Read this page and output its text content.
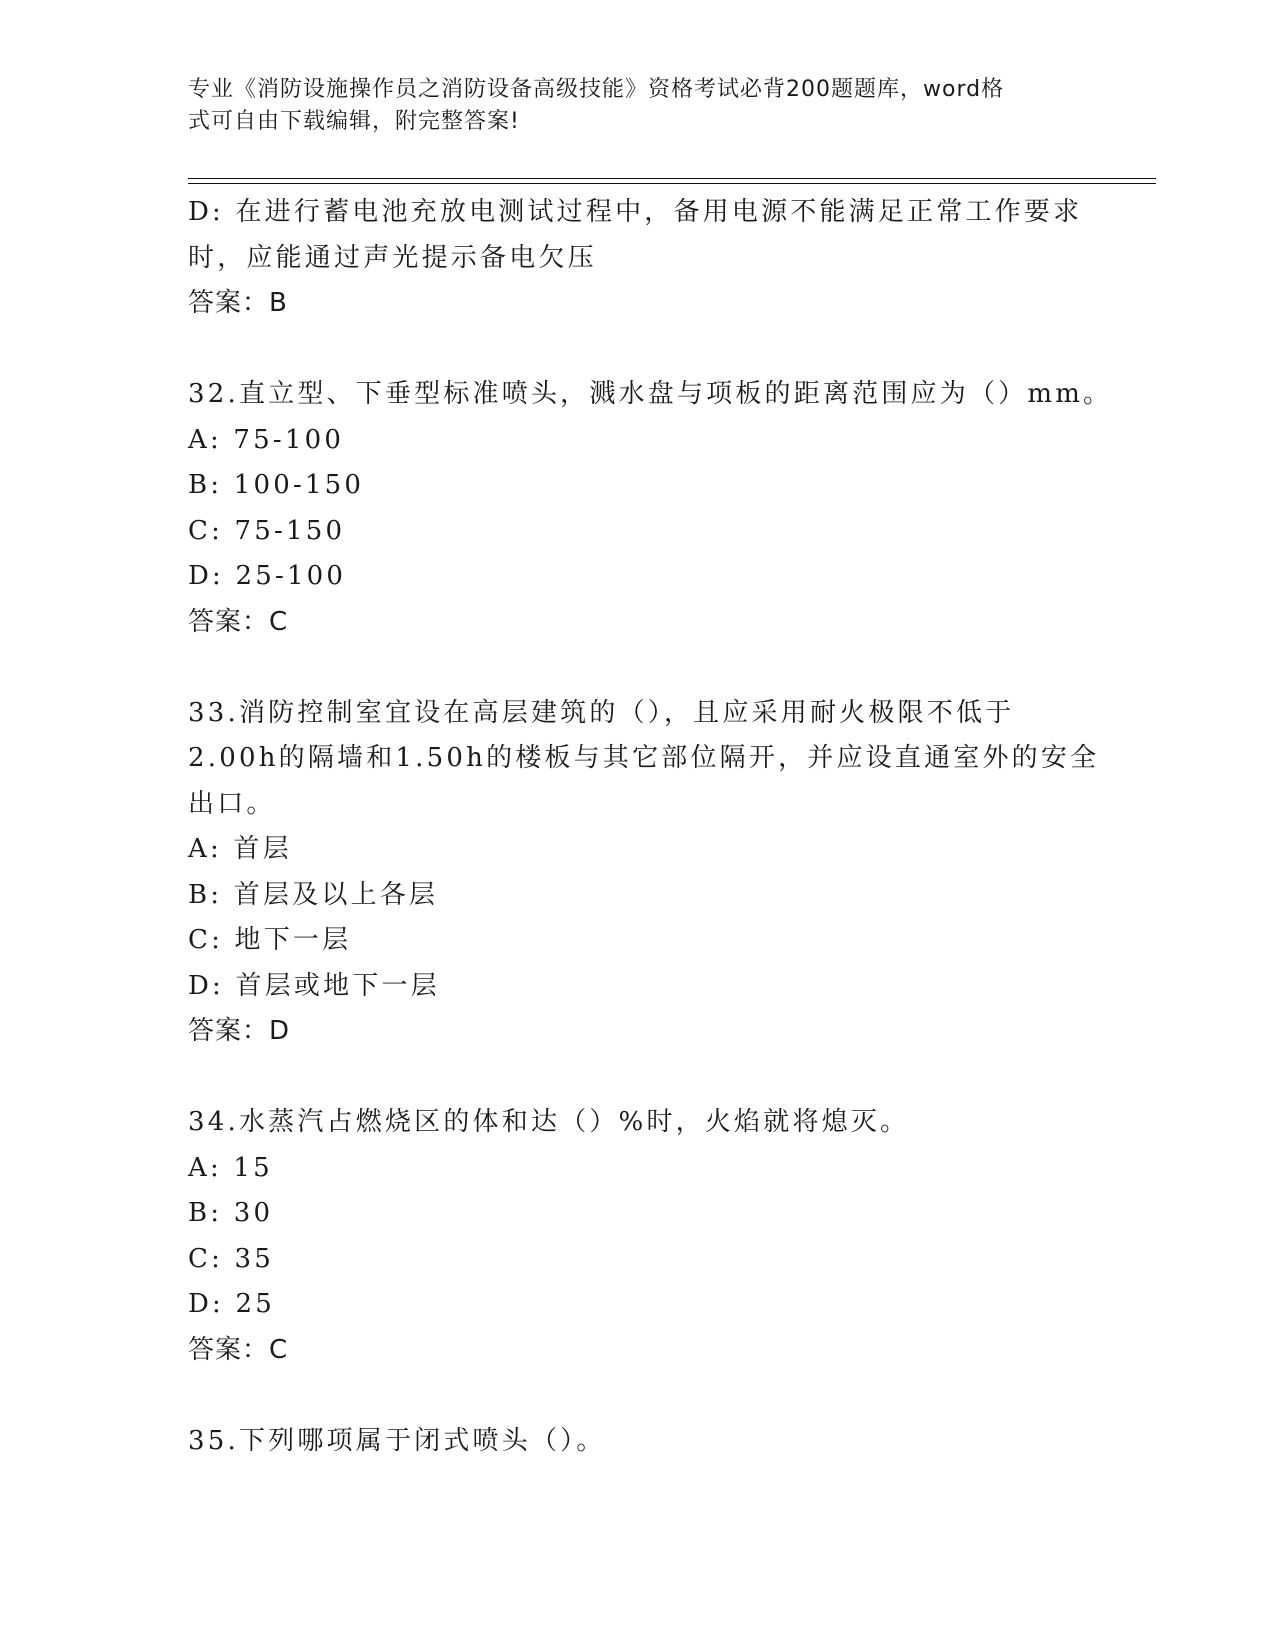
专业《消防设施操作员之消防设备高级技能》资格考试必背200题题库，word格
式可自由下载编辑，附完整答案!
D: 在进行蓄电池充放电测试过程中，备用电源不能满足正常工作要求
时，应能通过声光提示备电欠压
答案：B
32.直立型、下垂型标准喷头，溅水盘与项板的距离范围应为（）mm。
A: 75-100
B: 100-150
C: 75-150
D: 25-100
答案：C
33.消防控制室宜设在高层建筑的（），且应采用耐火极限不低于
2.00h的隔墙和1.50h的楼板与其它部位隔开，并应设直通室外的安全
出口。
A: 首层
B: 首层及以上各层
C: 地下一层
D: 首层或地下一层
答案：D
34.水蒸汽占燃烧区的体和达（）%时，火焰就将熄灭。
A: 15
B: 30
C: 35
D: 25
答案：C
35.下列哪项属于闭式喷头（）。
